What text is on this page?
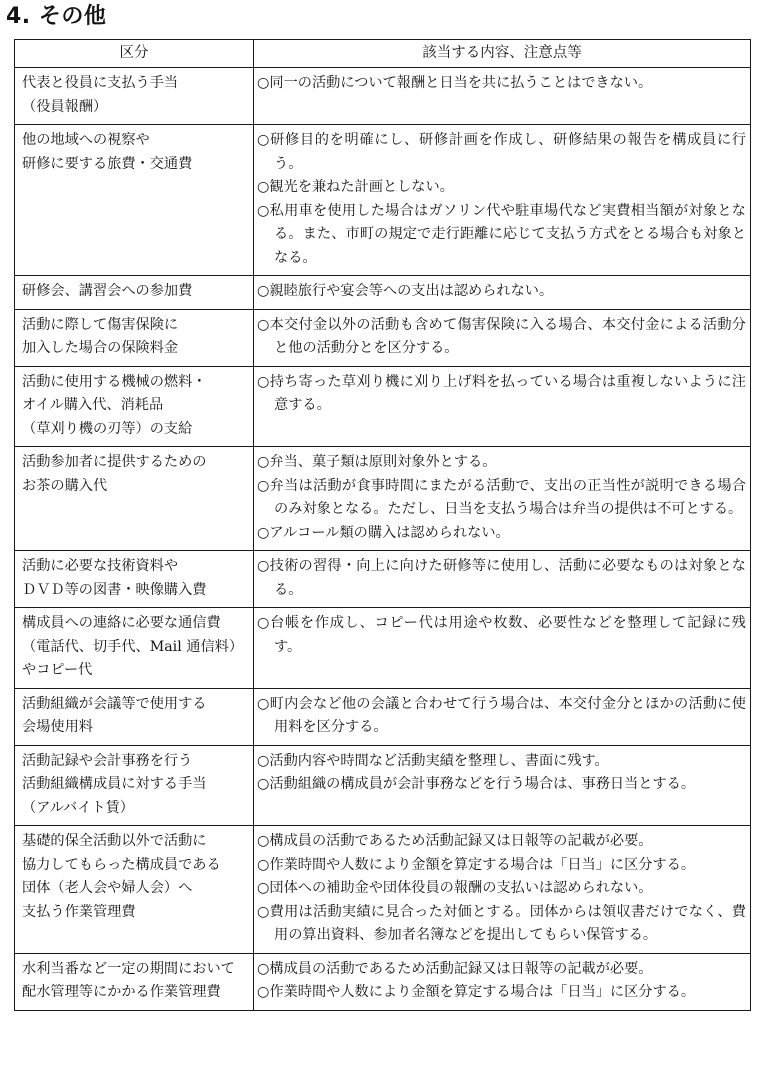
4. その他
区分	該当する内容、注意点等

代表と役員に支払う手当
（役員報酬）	○同一の活動について報酬と日当を共に払うことはできない。

他の地域への視察や
研修に要する旅費・交通費	○研修目的を明確にし、研修計画を作成し、研修結果の報告を構成員に行う。
○観光を兼ねた計画としない。
○私用車を使用した場合はガソリン代や駐車場代など実費相当額が対象となる。また、市町の規定で走行距離に応じて支払う方式をとる場合も対象となる。

研修会、講習会への参加費	○親睦旅行や宴会等への支出は認められない。

活動に際して傷害保険に
加入した場合の保険料金	○本交付金以外の活動も含めて傷害保険に入る場合、本交付金による活動分と他の活動分とを区分する。

活動に使用する機械の燃料・
オイル購入代、消耗品
（草刈り機の刃等）の支給	○持ち寄った草刈り機に刈り上げ料を払っている場合は重複しないように注意する。

活動参加者に提供するための
お茶の購入代	○弁当、菓子類は原則対象外とする。
○弁当は活動が食事時間にまたがる活動で、支出の正当性が説明できる場合のみ対象となる。ただし、日当を支払う場合は弁当の提供は不可とする。
○アルコール類の購入は認められない。

活動に必要な技術資料や
ＤＶＤ等の図書・映像購入費	○技術の習得・向上に向けた研修等に使用し、活動に必要なものは対象となる。

構成員への連絡に必要な通信費
（電話代、切手代、Mail 通信料）
やコピー代	○台帳を作成し、コピー代は用途や枚数、必要性などを整理して記録に残す。

活動組織が会議等で使用する
会場使用料	○町内会など他の会議と合わせて行う場合は、本交付金分とほかの活動に使用料を区分する。

活動記録や会計事務を行う
活動組織構成員に対する手当
（アルバイト賃）	○活動内容や時間など活動実績を整理し、書面に残す。
○活動組織の構成員が会計事務などを行う場合は、事務日当とする。

基礎的保全活動以外で活動に
協力してもらった構成員である
団体（老人会や婦人会）へ
支払う作業管理費	○構成員の活動であるため活動記録又は日報等の記載が必要。
○作業時間や人数により金額を算定する場合は「日当」に区分する。
○団体への補助金や団体役員の報酬の支払いは認められない。
○費用は活動実績に見合った対価とする。団体からは領収書だけでなく、費用の算出資料、参加者名簿などを提出してもらい保管する。

水利当番など一定の期間において
配水管理等にかかる作業管理費	○構成員の活動であるため活動記録又は日報等の記載が必要。
○作業時間や人数により金額を算定する場合は「日当」に区分する。
